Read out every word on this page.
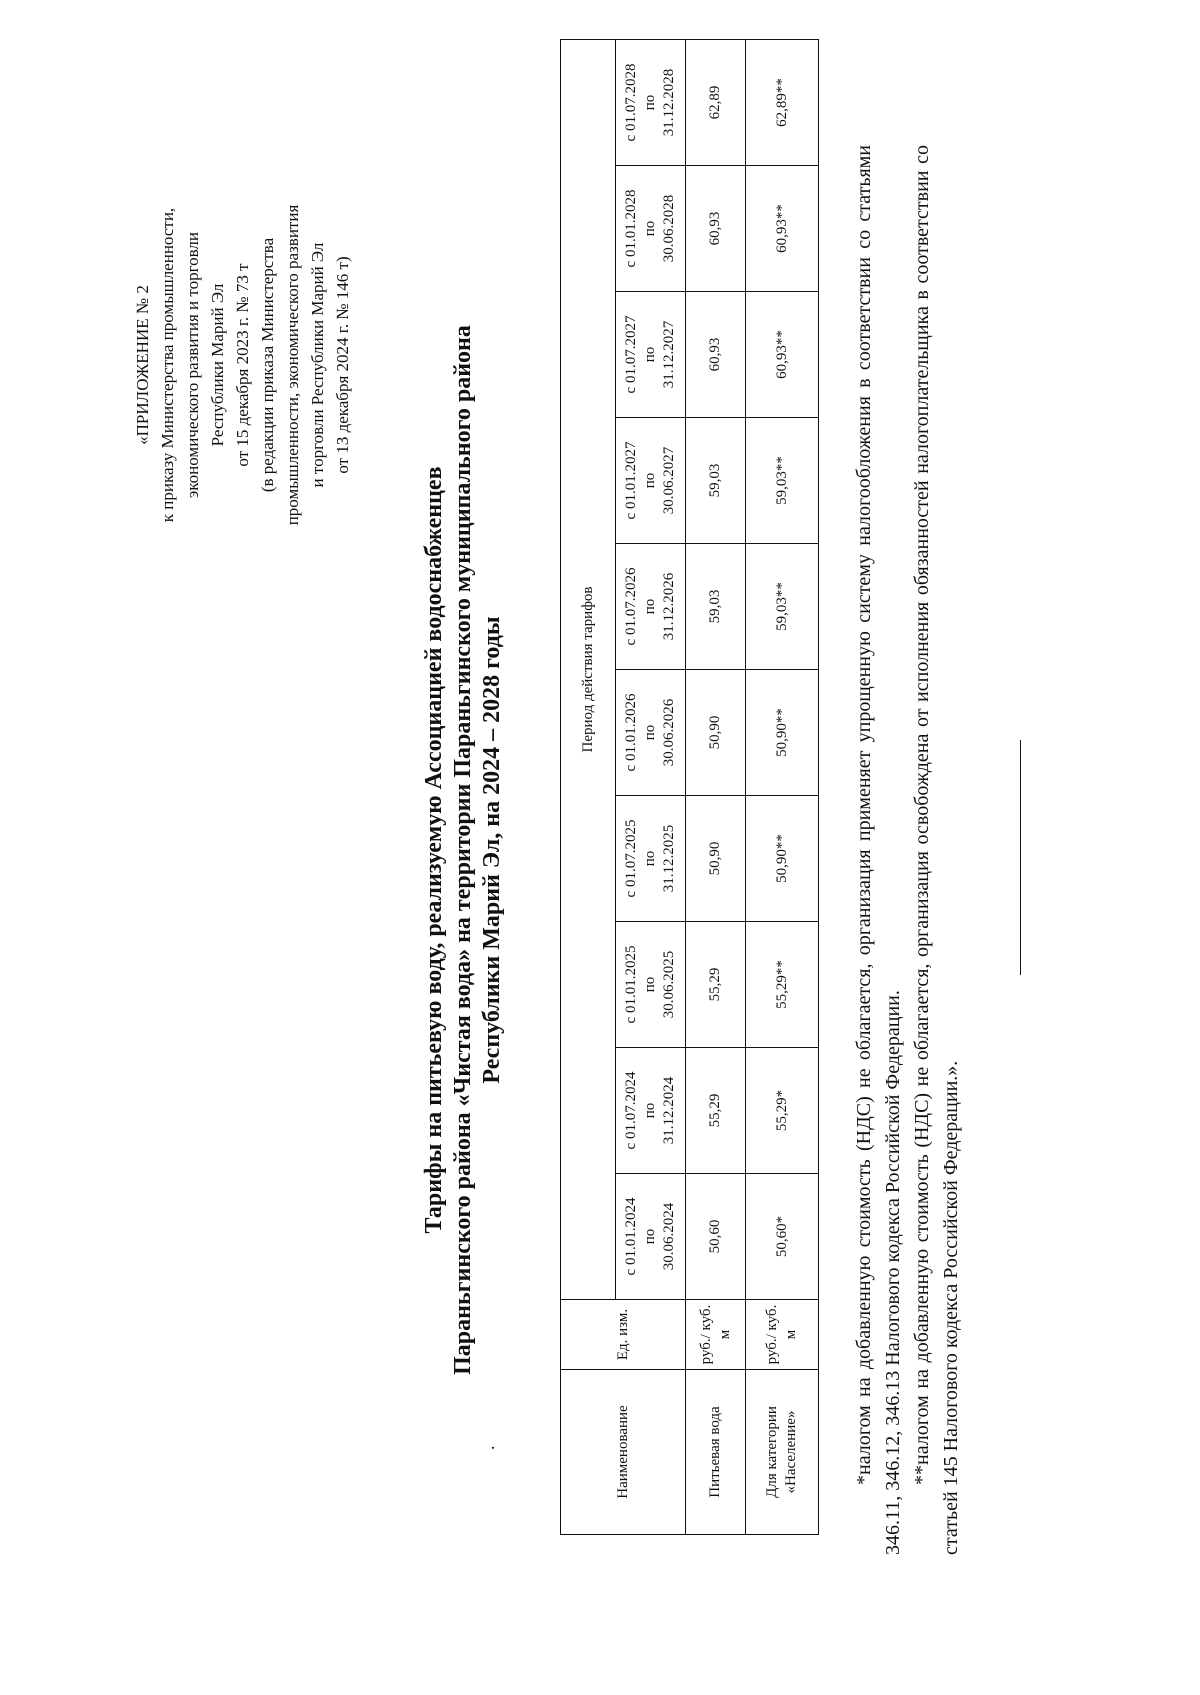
«ПРИЛОЖЕНИЕ № 2 к приказу Министерства промышленности, экономического развития и торговли Республики Марий Эл от 15 декабря 2023 г. № 73 т (в редакции приказа Министерства промышленности, экономического развития и торговли Республики Марий Эл от 13 декабря 2024 г. № 146 т)
Тарифы на питьевую воду, реализуемую Ассоциацией водоснабженцев Параньгинского района «Чистая вода» на территории Параньгинского муниципального района Республики Марий Эл, на 2024 – 2028 годы
.	Наименование	Ед. изм.	Период действия тарифов									

		с 01.01.2024 по 30.06.2024	с 01.07.2024 по 31.12.2024	с 01.01.2025 по 30.06.2025	с 01.07.2025 по 31.12.2025	с 01.01.2026 по 30.06.2026	с 01.07.2026 по 31.12.2026	с 01.01.2027 по 30.06.2027	с 01.07.2027 по 31.12.2027	с 01.01.2028 по 30.06.2028	с 01.07.2028 по 31.12.2028

Питьевая вода	руб./ куб. м	50,60	55,29	55,29	50,90	50,90	59,03	59,03	60,93	60,93	62,89
Для категории «Население»	руб./ куб. м	50,60*	55,29*	55,29**	50,90**	50,90**	59,03**	59,03**	60,93**	60,93**	62,89**

*налогом на добавленную стоимость (НДС) не облагается, организация применяет упрощенную систему налогообложения в соответствии со статьями 346.11, 346.12, 346.13 Налогового кодекса Российской Федерации. **налогом на добавленную стоимость (НДС) не облагается, организация освобождена от исполнения обязанностей налогоплательщика в соответствии со статьей 145 Налогового кодекса Российской Федерации.».
